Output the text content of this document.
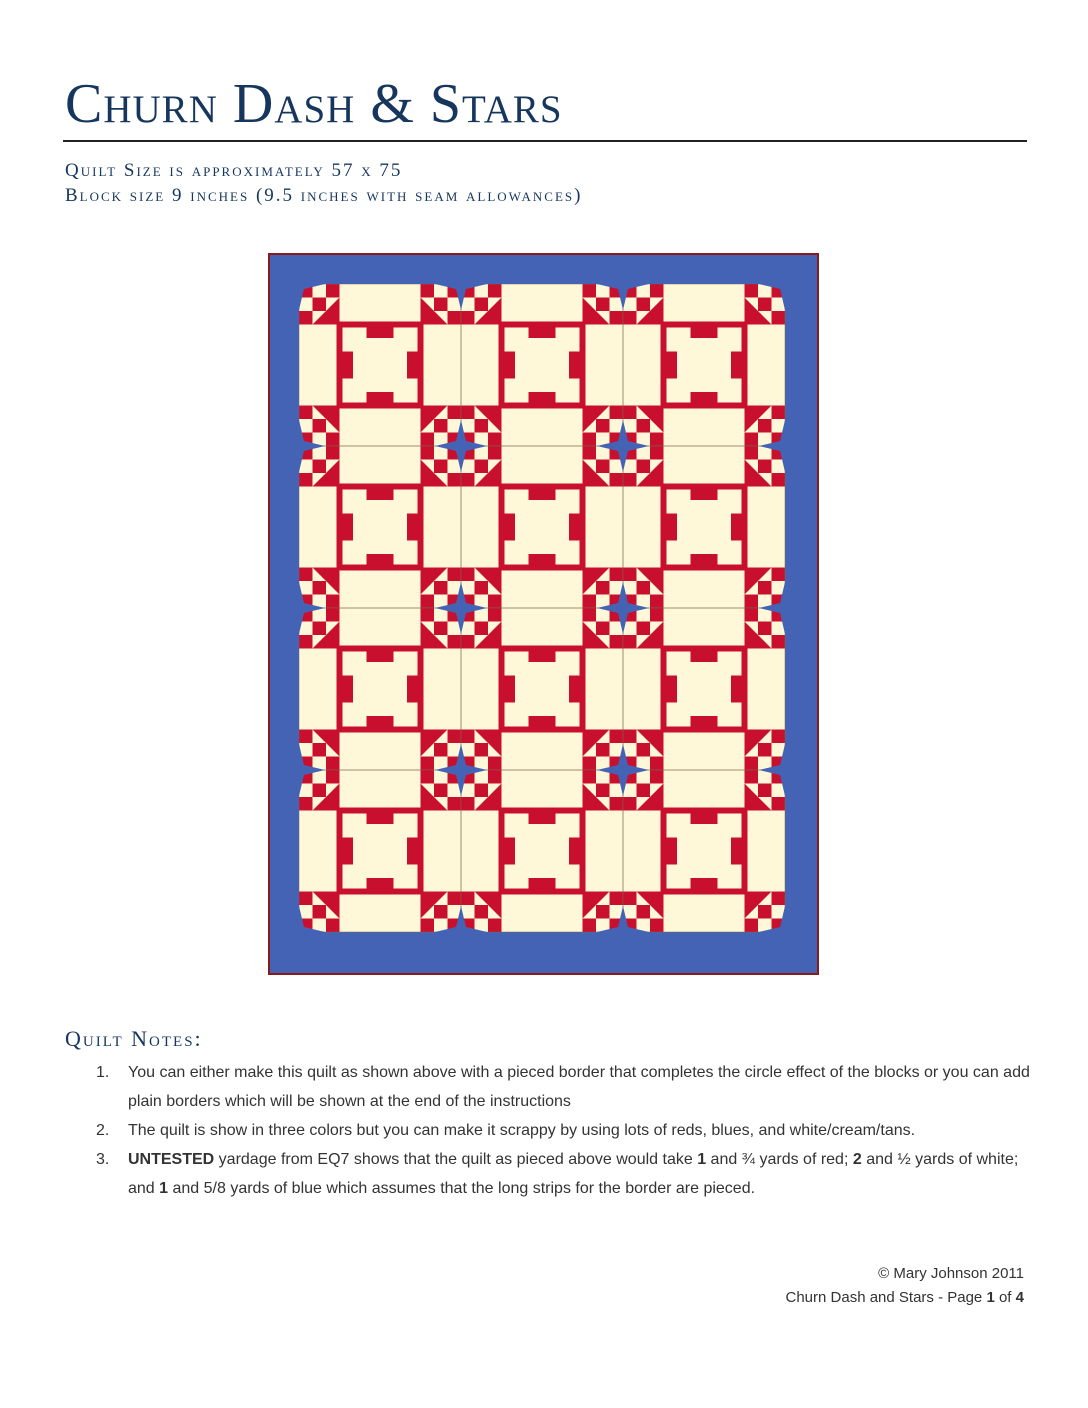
Churn Dash & Stars
Quilt Size is approximately 57 x 75
Block size 9 inches (9.5 inches with seam allowances)
Quilt Notes:
1. You can either make this quilt as shown above with a pieced border that completes the circle effect of the blocks or you can add plain borders which will be shown at the end of the instructions
2. The quilt is show in three colors but you can make it scrappy by using lots of reds, blues, and white/cream/tans.
3. UNTESTED yardage from EQ7 shows that the quilt as pieced above would take 1 and ¾ yards of red; 2 and ½ yards of white; and 1 and 5/8 yards of blue which assumes that the long strips for the border are pieced.
© Mary Johnson 2011
Churn Dash and Stars - Page 1 of 4
